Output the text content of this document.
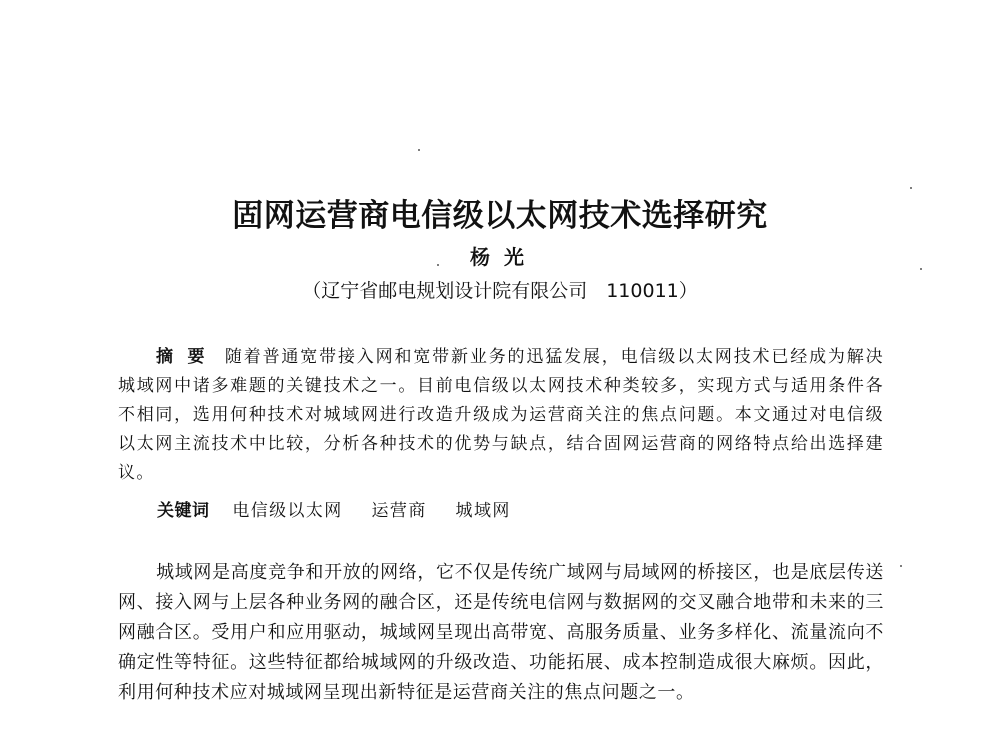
固网运营商电信级以太网技术选择研究
杨光
（辽宁省邮电规划设计院有限公司　110011）
摘要 随着普通宽带接入网和宽带新业务的迅猛发展，电信级以太网技术已经成为解决城域网中诸多难题的关键技术之一。目前电信级以太网技术种类较多，实现方式与适用条件各不相同，选用何种技术对城域网进行改造升级成为运营商关注的焦点问题。本文通过对电信级以太网主流技术中比较，分析各种技术的优势与缺点，结合固网运营商的网络特点给出选择建议。
关键词 电信级以太网 运营商 城域网
城域网是高度竞争和开放的网络，它不仅是传统广域网与局域网的桥接区，也是底层传送网、接入网与上层各种业务网的融合区，还是传统电信网与数据网的交叉融合地带和未来的三网融合区。受用户和应用驱动，城域网呈现出高带宽、高服务质量、业务多样化、流量流向不确定性等特征。这些特征都给城域网的升级改造、功能拓展、成本控制造成很大麻烦。因此，利用何种技术应对城域网呈现出新特征是运营商关注的焦点问题之一。
